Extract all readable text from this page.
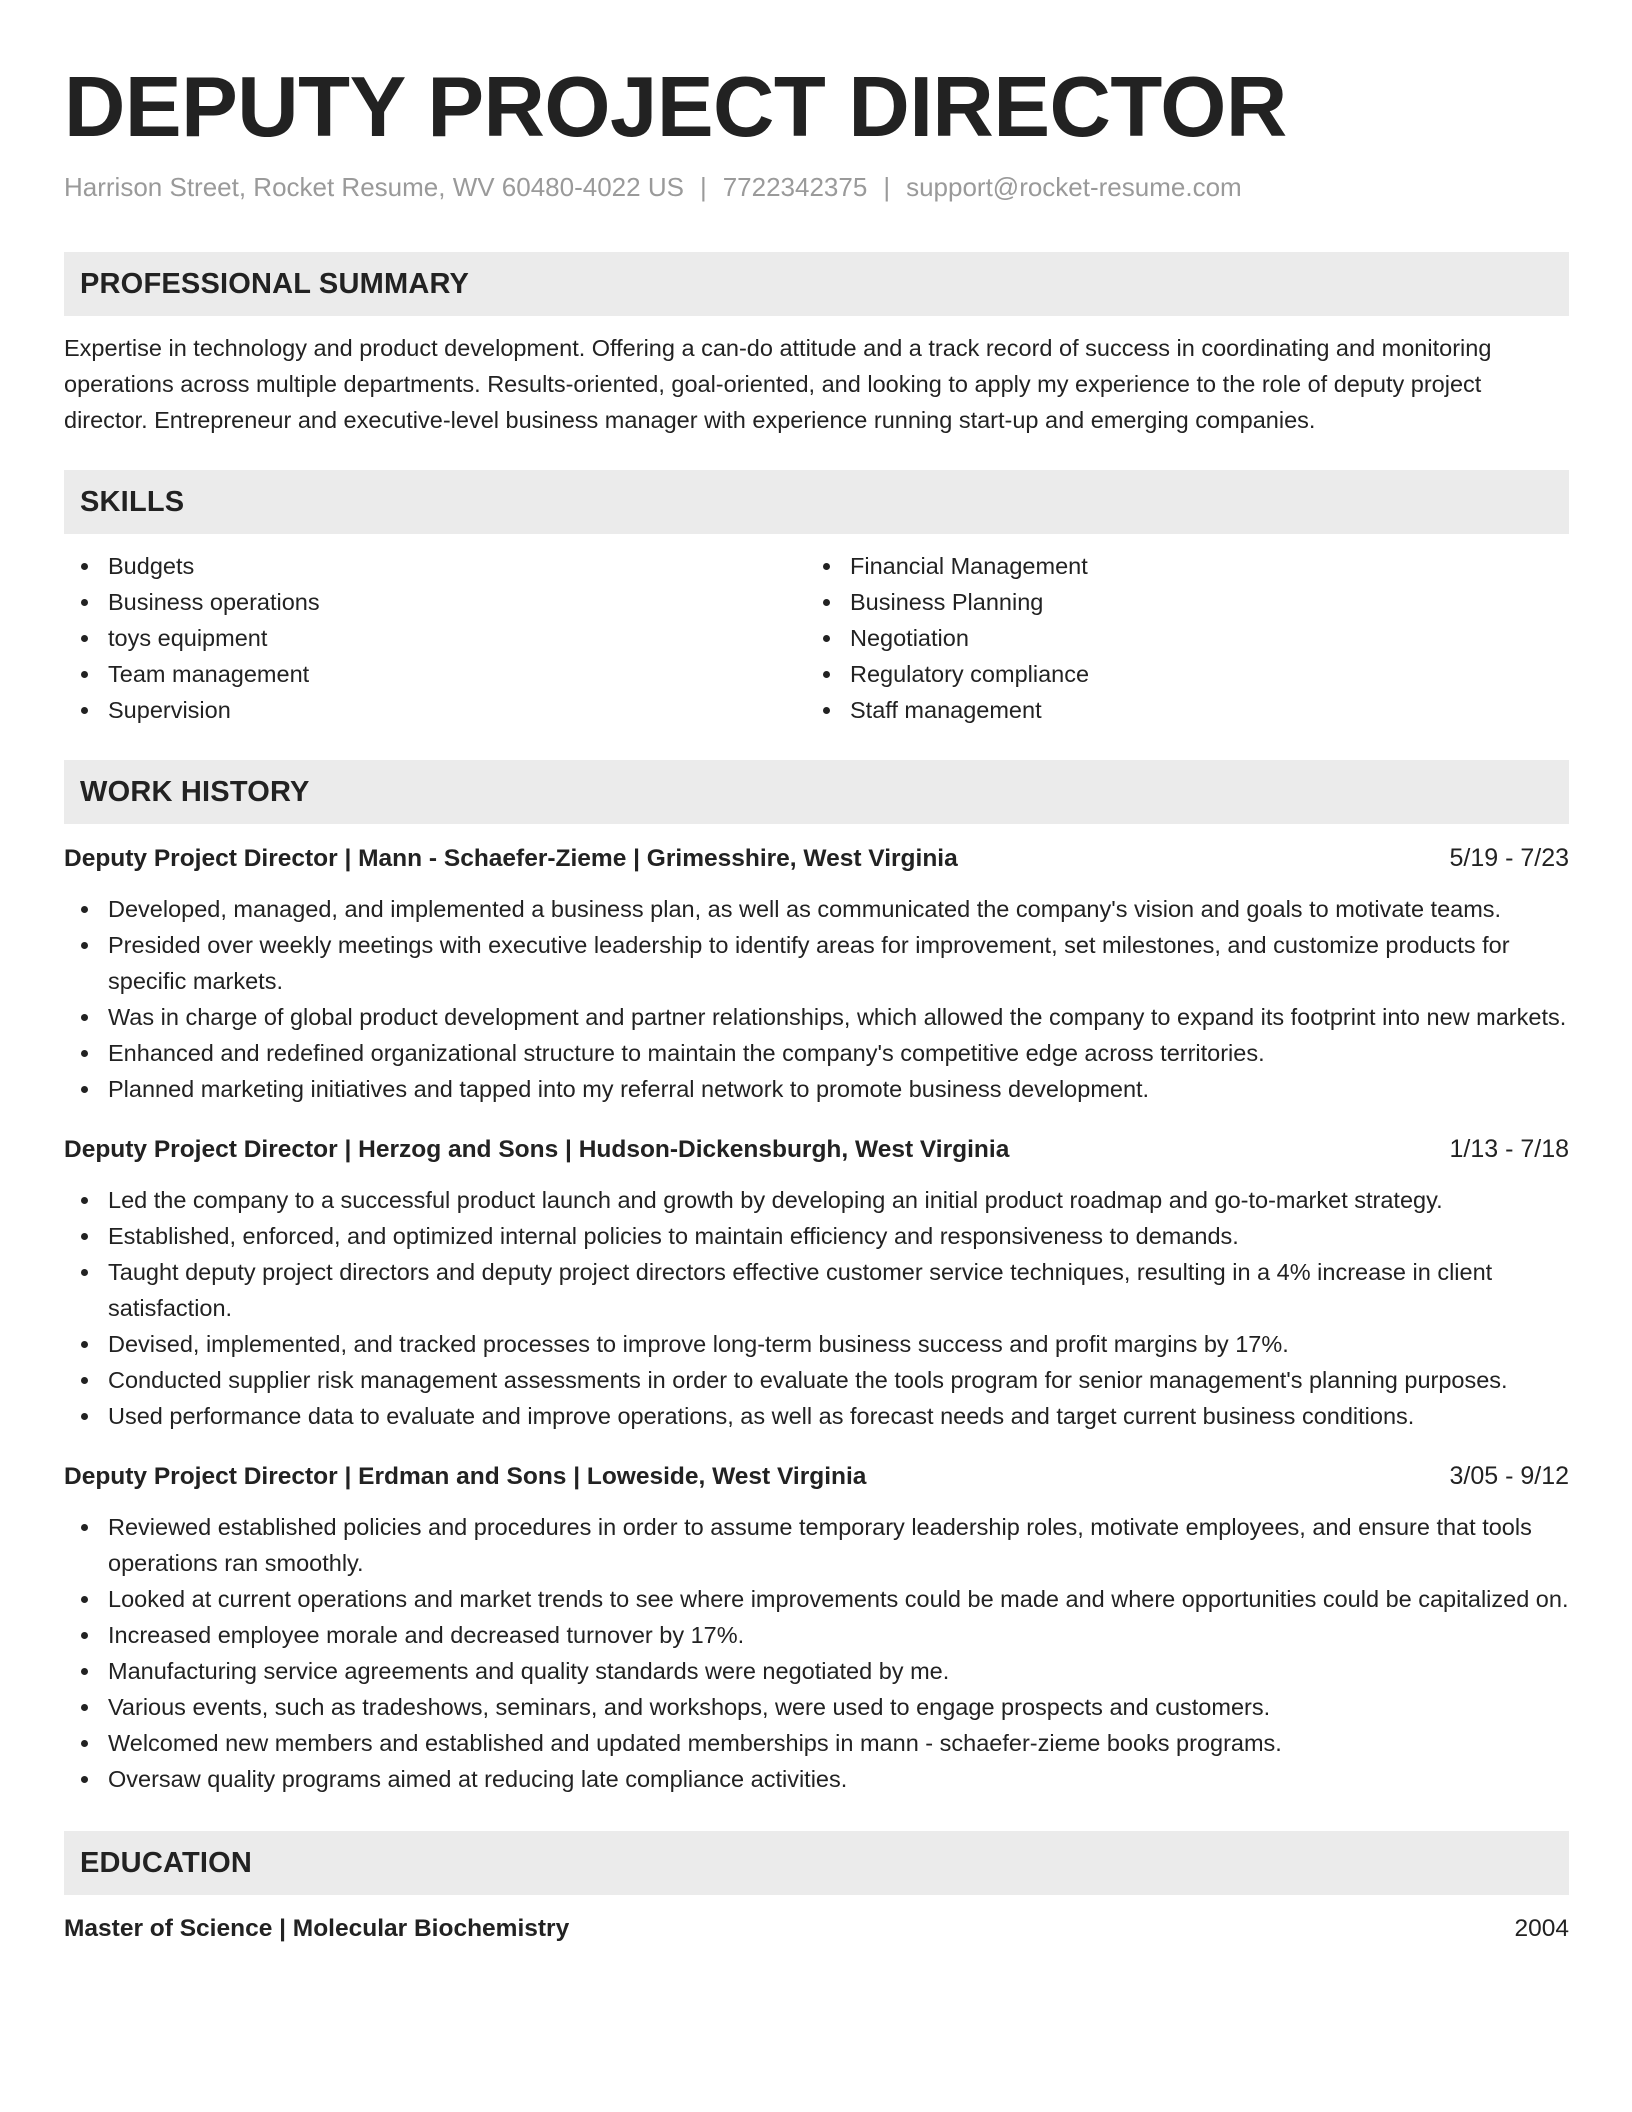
DEPUTY PROJECT DIRECTOR
Harrison Street, Rocket Resume, WV 60480-4022 US | 7722342375 | support@rocket-resume.com
PROFESSIONAL SUMMARY

Expertise in technology and product development. Offering a can-do attitude and a track record of success in coordinating and monitoring operations across multiple departments. Results-oriented, goal-oriented, and looking to apply my experience to the role of deputy project director. Entrepreneur and executive-level business manager with experience running start-up and emerging companies.

SKILLS
Budgets
Business operations
toys equipment
Team management
Supervision
Financial Management
Business Planning
Negotiation
Regulatory compliance
Staff management
WORK HISTORY
Deputy Project Director | Mann - Schaefer-Zieme | Grimesshire, West Virginia	5/19 - 7/23
Developed, managed, and implemented a business plan, as well as communicated the company's vision and goals to motivate teams.
Presided over weekly meetings with executive leadership to identify areas for improvement, set milestones, and customize products for specific markets.
Was in charge of global product development and partner relationships, which allowed the company to expand its footprint into new markets.
Enhanced and redefined organizational structure to maintain the company's competitive edge across territories.
Planned marketing initiatives and tapped into my referral network to promote business development.
Deputy Project Director | Herzog and Sons | Hudson-Dickensburgh, West Virginia	1/13 - 7/18
Led the company to a successful product launch and growth by developing an initial product roadmap and go-to-market strategy.
Established, enforced, and optimized internal policies to maintain efficiency and responsiveness to demands.
Taught deputy project directors and deputy project directors effective customer service techniques, resulting in a 4% increase in client satisfaction.
Devised, implemented, and tracked processes to improve long-term business success and profit margins by 17%.
Conducted supplier risk management assessments in order to evaluate the tools program for senior management's planning purposes.
Used performance data to evaluate and improve operations, as well as forecast needs and target current business conditions.
Deputy Project Director | Erdman and Sons | Loweside, West Virginia	3/05 - 9/12
Reviewed established policies and procedures in order to assume temporary leadership roles, motivate employees, and ensure that tools operations ran smoothly.
Looked at current operations and market trends to see where improvements could be made and where opportunities could be capitalized on.
Increased employee morale and decreased turnover by 17%.
Manufacturing service agreements and quality standards were negotiated by me.
Various events, such as tradeshows, seminars, and workshops, were used to engage prospects and customers.
Welcomed new members and established and updated memberships in mann - schaefer-zieme books programs.
Oversaw quality programs aimed at reducing late compliance activities.
EDUCATION
Master of Science | Molecular Biochemistry	2004
